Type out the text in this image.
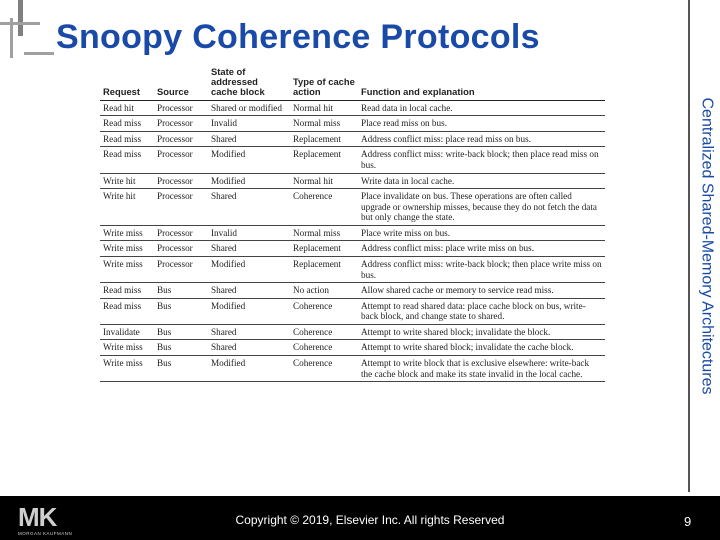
Snoopy Coherence Protocols
Centralized Shared-Memory Architectures
Request	Source	State of addressed cache block	Type of cache action	Function and explanation
Read hit	Processor	Shared or modified	Normal hit	Read data in local cache.
Read miss	Processor	Invalid	Normal miss	Place read miss on bus.
Read miss	Processor	Shared	Replacement	Address conflict miss: place read miss on bus.
Read miss	Processor	Modified	Replacement	Address conflict miss: write-back block; then place read miss on bus.
Write hit	Processor	Modified	Normal hit	Write data in local cache.
Write hit	Processor	Shared	Coherence	Place invalidate on bus. These operations are often called upgrade or ownership misses, because they do not fetch the data but only change the state.
Write miss	Processor	Invalid	Normal miss	Place write miss on bus.
Write miss	Processor	Shared	Replacement	Address conflict miss: place write miss on bus.
Write miss	Processor	Modified	Replacement	Address conflict miss: write-back block; then place write miss on bus.
Read miss	Bus	Shared	No action	Allow shared cache or memory to service read miss.
Read miss	Bus	Modified	Coherence	Attempt to read shared data: place cache block on bus, write-back block, and change state to shared.
Invalidate	Bus	Shared	Coherence	Attempt to write shared block; invalidate the block.
Write miss	Bus	Shared	Coherence	Attempt to write shared block; invalidate the cache block.
Write miss	Bus	Modified	Coherence	Attempt to write block that is exclusive elsewhere: write-back the cache block and make its state invalid in the local cache.
MK
MORGAN KAUFMANN
Copyright © 2019, Elsevier Inc. All rights Reserved	9
